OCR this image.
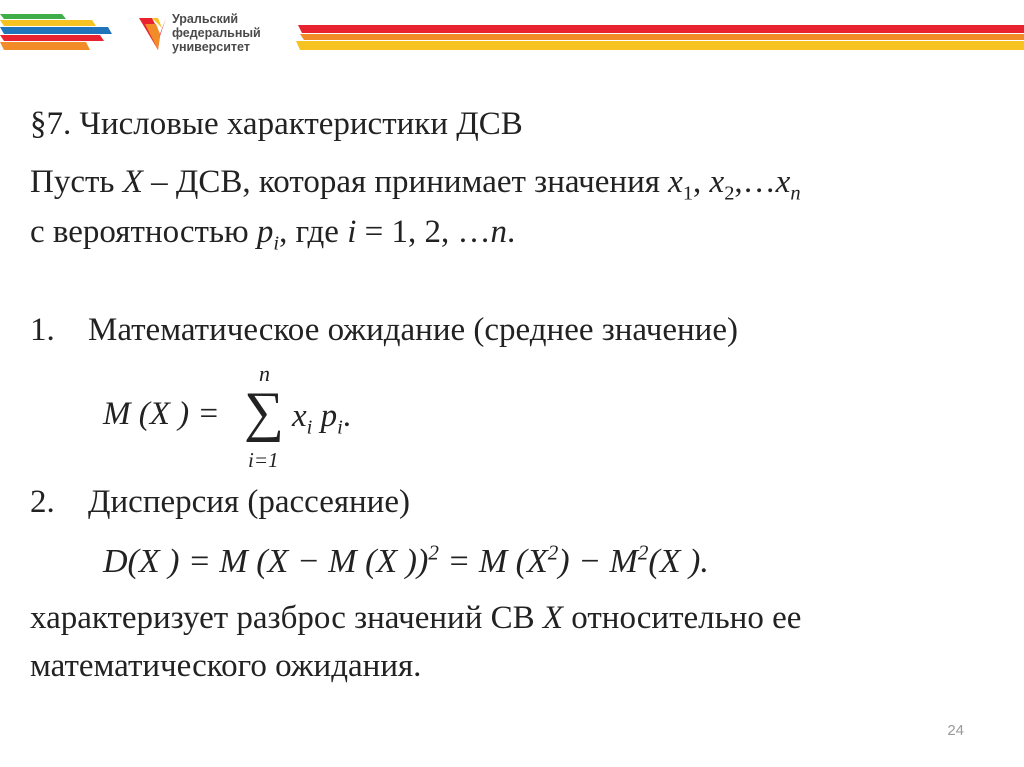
Уральский
федеральный
университет
§7. Числовые характеристики ДСВ
Пусть X – ДСВ, которая принимает значения $x_1$, $x_2,\dots x_n$
с вероятностью $p_i$, где i = 1, 2, …n.
1. Математическое ожидание (среднее значение)
M (X ) =
n
∑
i=1
$x_i$ $p_i$.
2. Дисперсия (рассеяние)
D(X ) = M (X − M (X ))$^2$ = M $(X^2) - M^2(X$ ).
характеризует разброс значений СВ X относительно ее
математического ожидания.
24
